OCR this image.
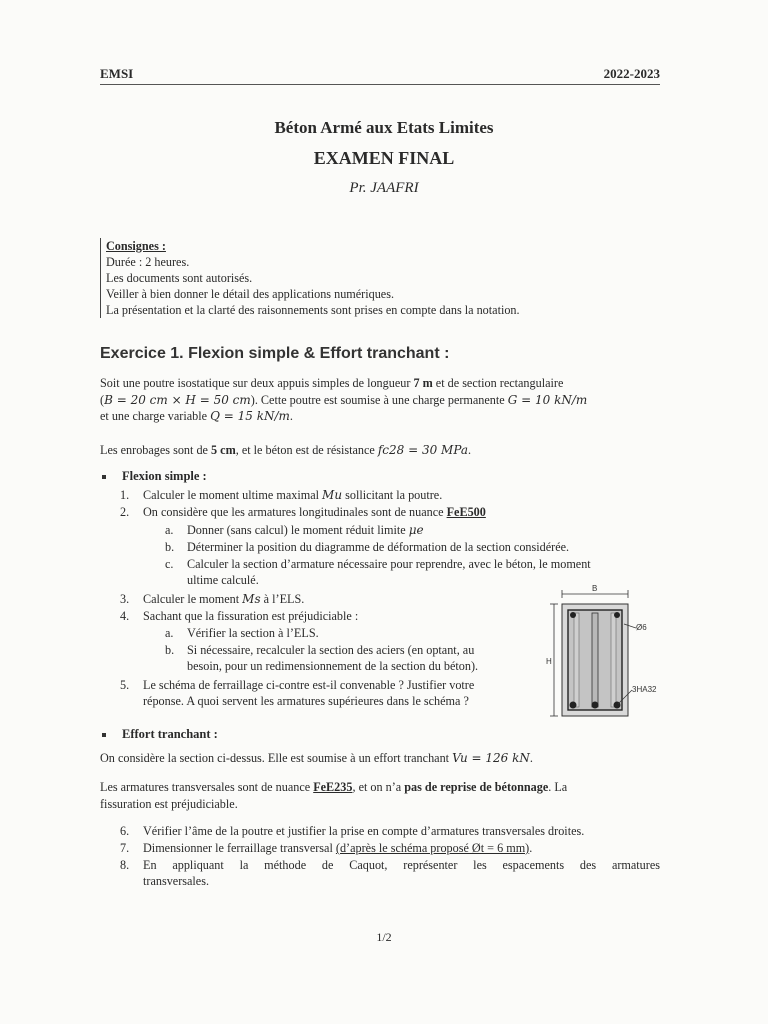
EMSI	2022-2023
Béton Armé aux Etats Limites
EXAMEN FINAL
Pr. JAAFRI
Consignes :
Durée : 2 heures.
Les documents sont autorisés.
Veiller à bien donner le détail des applications numériques.
La présentation et la clarté des raisonnements sont prises en compte dans la notation.
Exercice 1. Flexion simple & Effort tranchant :
Soit une poutre isostatique sur deux appuis simples de longueur 7 m et de section rectangulaire
(B = 20 cm × H = 50 cm). Cette poutre est soumise à une charge permanente G = 10 kN/m
et une charge variable Q = 15 kN/m.
Les enrobages sont de 5 cm, et le béton est de résistance fc28 = 30 MPa.
Flexion simple :
1. Calculer le moment ultime maximal Mu sollicitant la poutre.
2. On considère que les armatures longitudinales sont de nuance FeE500
a. Donner (sans calcul) le moment réduit limite μe
b. Déterminer la position du diagramme de déformation de la section considérée.
c. Calculer la section d’armature nécessaire pour reprendre, avec le béton, le moment
ultime calculé.
3. Calculer le moment Ms à l’ELS.
4. Sachant que la fissuration est préjudiciable :
a. Vérifier la section à l’ELS.
b. Si nécessaire, recalculer la section des aciers (en optant, au
besoin, pour un redimensionnement de la section du béton).
5. Le schéma de ferraillage ci-contre est-il convenable ? Justifier votre
réponse. A quoi servent les armatures supérieures dans le schéma ?
B
H
Ø6
3HA32
Effort tranchant :
On considère la section ci-dessus. Elle est soumise à un effort tranchant Vu = 126 kN.
Les armatures transversales sont de nuance FeE235, et on n’a pas de reprise de bétonnage. La
fissuration est préjudiciable.
6. Vérifier l’âme de la poutre et justifier la prise en compte d’armatures transversales droites.
7. Dimensionner le ferraillage transversal (d’après le schéma proposé Øt = 6 mm).
8. En appliquant la méthode de Caquot, représenter les espacements des armatures
transversales.
1/2
